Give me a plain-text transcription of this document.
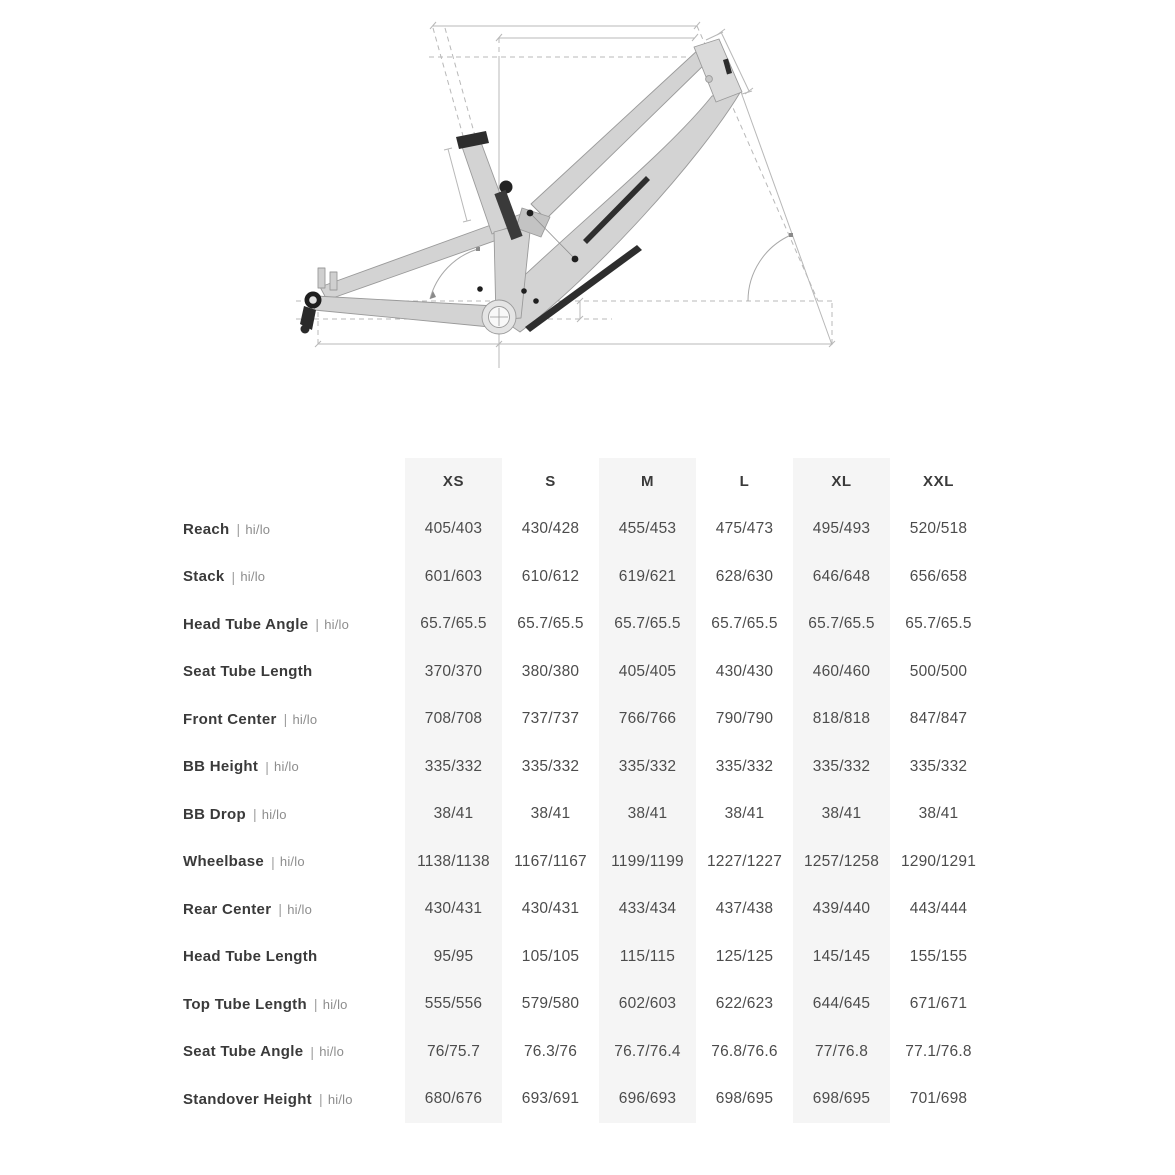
XS	S	M	L	XL	XXL
Reach | hi/lo	405/403	430/428	455/453	475/473	495/493	520/518
Stack | hi/lo	601/603	610/612	619/621	628/630	646/648	656/658
Head Tube Angle | hi/lo	65.7/65.5	65.7/65.5	65.7/65.5	65.7/65.5	65.7/65.5	65.7/65.5
Seat Tube Length	370/370	380/380	405/405	430/430	460/460	500/500
Front Center | hi/lo	708/708	737/737	766/766	790/790	818/818	847/847
BB Height | hi/lo	335/332	335/332	335/332	335/332	335/332	335/332
BB Drop | hi/lo	38/41	38/41	38/41	38/41	38/41	38/41
Wheelbase | hi/lo	1138/1138	1167/1167	1199/1199	1227/1227	1257/1258	1290/1291
Rear Center | hi/lo	430/431	430/431	433/434	437/438	439/440	443/444
Head Tube Length	95/95	105/105	115/115	125/125	145/145	155/155
Top Tube Length | hi/lo	555/556	579/580	602/603	622/623	644/645	671/671
Seat Tube Angle | hi/lo	76/75.7	76.3/76	76.7/76.4	76.8/76.6	77/76.8	77.1/76.8
Standover Height | hi/lo	680/676	693/691	696/693	698/695	698/695	701/698
